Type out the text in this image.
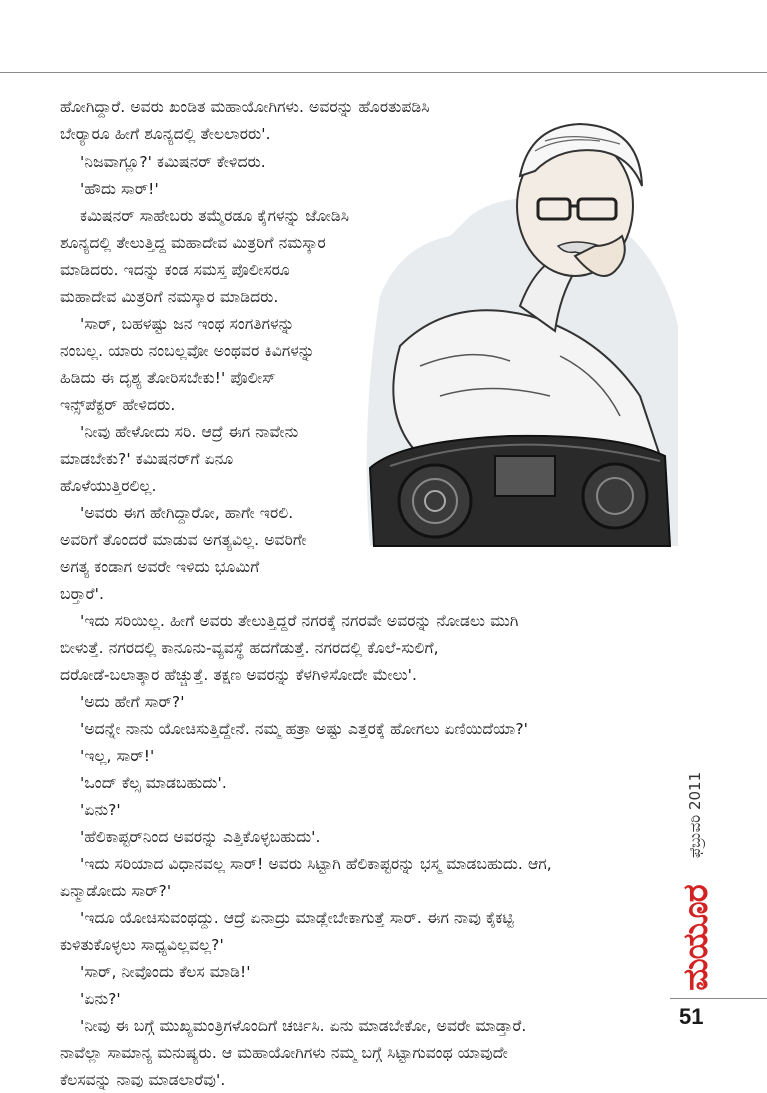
ಹೋಗಿದ್ದಾರೆ. ಅವರು ಖಂಡಿತ ಮಹಾಯೋಗಿಗಳು. ಅವರನ್ನು ಹೊರತುಪಡಿಸಿ
ಬೇರ್‍ಯಾರೂ ಹೀಗೆ ಶೂನ್ಯದಲ್ಲಿ ತೇಲಲಾರರು'.
'ನಿಜವಾಗ್ಲೂ?' ಕಮಿಷನರ್ ಕೇಳಿದರು.
'ಹೌದು ಸಾರ್!'
ಕಮಿಷನರ್ ಸಾಹೇಬರು ತಮ್ಮೆರಡೂ ಕೈಗಳನ್ನು ಜೋಡಿಸಿ
ಶೂನ್ಯದಲ್ಲಿ ತೇಲುತ್ತಿದ್ದ ಮಹಾದೇವ ಮಿತ್ರರಿಗೆ ನಮಸ್ಕಾರ
ಮಾಡಿದರು. ಇದನ್ನು ಕಂಡ ಸಮಸ್ತ ಪೊಲೀಸರೂ
ಮಹಾದೇವ ಮಿತ್ರರಿಗೆ ನಮಸ್ಕಾರ ಮಾಡಿದರು.
'ಸಾರ್, ಬಹಳಷ್ಟು ಜನ ಇಂಥ ಸಂಗತಿಗಳನ್ನು
ನಂಬಲ್ಲ. ಯಾರು ನಂಬಲ್ಲವೋ ಅಂಥವರ ಕಿವಿಗಳನ್ನು
ಹಿಡಿದು ಈ ದೃಶ್ಯ ತೋರಿಸಬೇಕು!' ಪೊಲೀಸ್
ಇನ್ಸ್‌ಪೆಕ್ಟರ್ ಹೇಳಿದರು.
'ನೀವು ಹೇಳೋದು ಸರಿ. ಆದ್ರೆ ಈಗ ನಾವೇನು
ಮಾಡಬೇಕು?' ಕಮಿಷನರ್‌ಗೆ ಏನೂ
ಹೊಳೆಯುತ್ತಿರಲಿಲ್ಲ.
'ಅವರು ಈಗ ಹೇಗಿದ್ದಾರೋ, ಹಾಗೇ ಇರಲಿ.
ಅವರಿಗೆ ತೊಂದರೆ ಮಾಡುವ ಅಗತ್ಯವಿಲ್ಲ. ಅವರಿಗೇ
ಅಗತ್ಯ ಕಂಡಾಗ ಅವರೇ ಇಳಿದು ಭೂಮಿಗೆ
ಬರ್‍ತಾರೆ'.
'ಇದು ಸರಿಯಿಲ್ಲ. ಹೀಗೆ ಅವರು ತೇಲುತ್ತಿದ್ದರೆ ನಗರಕ್ಕೆ ನಗರವೇ ಅವರನ್ನು ನೋಡಲು ಮುಗಿ
ಬೀಳುತ್ತೆ. ನಗರದಲ್ಲಿ ಕಾನೂನು-ವ್ಯವಸ್ಥೆ ಹದಗೆಡುತ್ತೆ. ನಗರದಲ್ಲಿ ಕೊಲೆ-ಸುಲಿಗೆ,
ದರೋಡೆ-ಬಲಾತ್ಕಾರ ಹೆಚ್ಚುತ್ತೆ. ತಕ್ಷಣ ಅವರನ್ನು ಕೆಳಗಿಳಿಸೋದೇ ಮೇಲು'.
'ಅದು ಹೇಗೆ ಸಾರ್?'
'ಅದನ್ನೇ ನಾನು ಯೋಚಿಸುತ್ತಿದ್ದೇನೆ. ನಮ್ಮ ಹತ್ರಾ ಅಷ್ಟು ಎತ್ತರಕ್ಕೆ ಹೋಗಲು ಏಣಿಯಿದೆಯಾ?'
'ಇಲ್ಲ, ಸಾರ್!'
'ಒಂದ್ ಕೆಲ್ಸ ಮಾಡಬಹುದು'.
'ಏನು?'
'ಹೆಲಿಕಾಪ್ಟರ್‌ನಿಂದ ಅವರನ್ನು ಎತ್ತಿಕೊಳ್ಳಬಹುದು'.
'ಇದು ಸರಿಯಾದ ವಿಧಾನವಲ್ಲ ಸಾರ್! ಅವರು ಸಿಟ್ಟಾಗಿ ಹೆಲಿಕಾಪ್ಟರನ್ನು ಭಸ್ಮ ಮಾಡಬಹುದು. ಆಗ,
ಏನ್ಮಾಡೋದು ಸಾರ್?'
'ಇದೂ ಯೋಚಿಸುವಂಥದ್ದು. ಆದ್ರೆ ಏನಾದ್ರು ಮಾಡ್ಲೇಬೇಕಾಗುತ್ತೆ ಸಾರ್. ಈಗ ನಾವು ಕೈಕಟ್ಟಿ
ಕುಳಿತುಕೊಳ್ಳಲು ಸಾಧ್ಯವಿಲ್ಲವಲ್ಲ?'
'ಸಾರ್, ನೀವೊಂದು ಕೆಲಸ ಮಾಡಿ!'
'ಏನು?'
'ನೀವು ಈ ಬಗ್ಗೆ ಮುಖ್ಯಮಂತ್ರಿಗಳೊಂದಿಗೆ ಚರ್ಚಿಸಿ. ಏನು ಮಾಡಬೇಕೋ, ಅವರೇ ಮಾಡ್ತಾರೆ.
ನಾವೆಲ್ಲಾ ಸಾಮಾನ್ಯ ಮನುಷ್ಯರು. ಆ ಮಹಾಯೋಗಿಗಳು ನಮ್ಮ ಬಗ್ಗೆ ಸಿಟ್ಟಾಗುವಂಥ ಯಾವುದೇ
ಕೆಲಸವನ್ನು ನಾವು ಮಾಡಲಾರೆವು'.
ಫೆಬ್ರುವರಿ 2011
ಮಯೂರ
51
